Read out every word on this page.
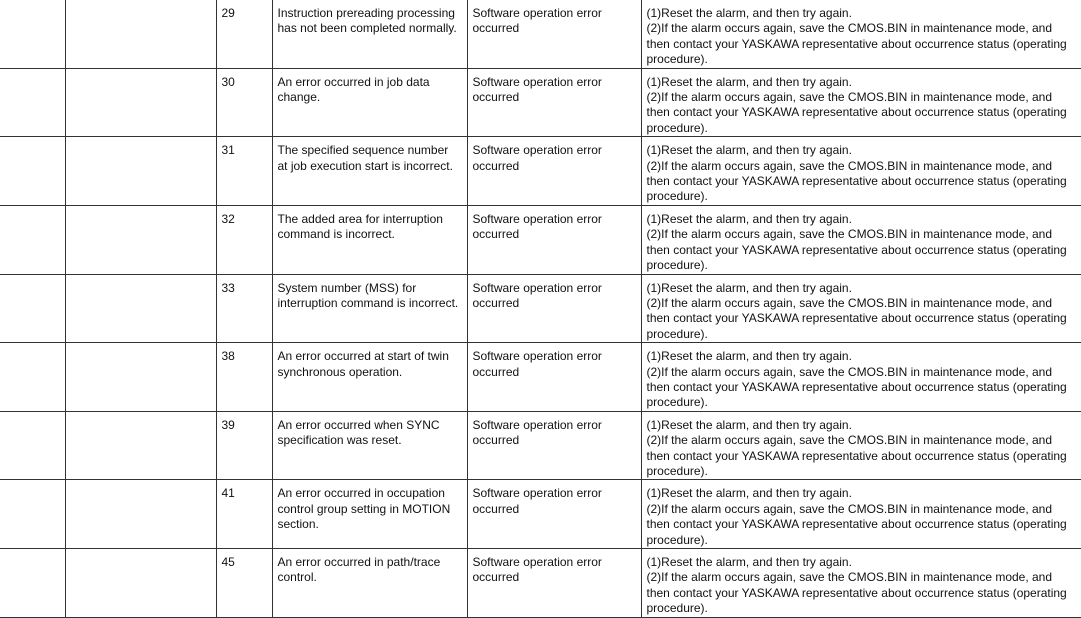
		29	Instruction prereading processing has not been completed normally.	Software operation error occurred	(1)Reset the alarm, and then try again.
(2)If the alarm occurs again, save the CMOS.BIN in maintenance mode, and then contact your YASKAWA representative about occurrence status (operating procedure).

		30	An error occurred in job data change.	Software operation error occurred	(1)Reset the alarm, and then try again.
(2)If the alarm occurs again, save the CMOS.BIN in maintenance mode, and then contact your YASKAWA representative about occurrence status (operating procedure).

		31	The specified sequence number at job execution start is incorrect.	Software operation error occurred	(1)Reset the alarm, and then try again.
(2)If the alarm occurs again, save the CMOS.BIN in maintenance mode, and then contact your YASKAWA representative about occurrence status (operating procedure).

		32	The added area for interruption command is incorrect.	Software operation error occurred	(1)Reset the alarm, and then try again.
(2)If the alarm occurs again, save the CMOS.BIN in maintenance mode, and then contact your YASKAWA representative about occurrence status (operating procedure).

		33	System number (MSS) for interruption command is incorrect.	Software operation error occurred	(1)Reset the alarm, and then try again.
(2)If the alarm occurs again, save the CMOS.BIN in maintenance mode, and then contact your YASKAWA representative about occurrence status (operating procedure).

		38	An error occurred at start of twin synchronous operation.	Software operation error occurred	(1)Reset the alarm, and then try again.
(2)If the alarm occurs again, save the CMOS.BIN in maintenance mode, and then contact your YASKAWA representative about occurrence status (operating procedure).

		39	An error occurred when SYNC specification was reset.	Software operation error occurred	(1)Reset the alarm, and then try again.
(2)If the alarm occurs again, save the CMOS.BIN in maintenance mode, and then contact your YASKAWA representative about occurrence status (operating procedure).

		41	An error occurred in occupation control group setting in MOTION section.	Software operation error occurred	(1)Reset the alarm, and then try again.
(2)If the alarm occurs again, save the CMOS.BIN in maintenance mode, and then contact your YASKAWA representative about occurrence status (operating procedure).

		45	An error occurred in path/trace control.	Software operation error occurred	(1)Reset the alarm, and then try again.
(2)If the alarm occurs again, save the CMOS.BIN in maintenance mode, and then contact your YASKAWA representative about occurrence status (operating procedure).
